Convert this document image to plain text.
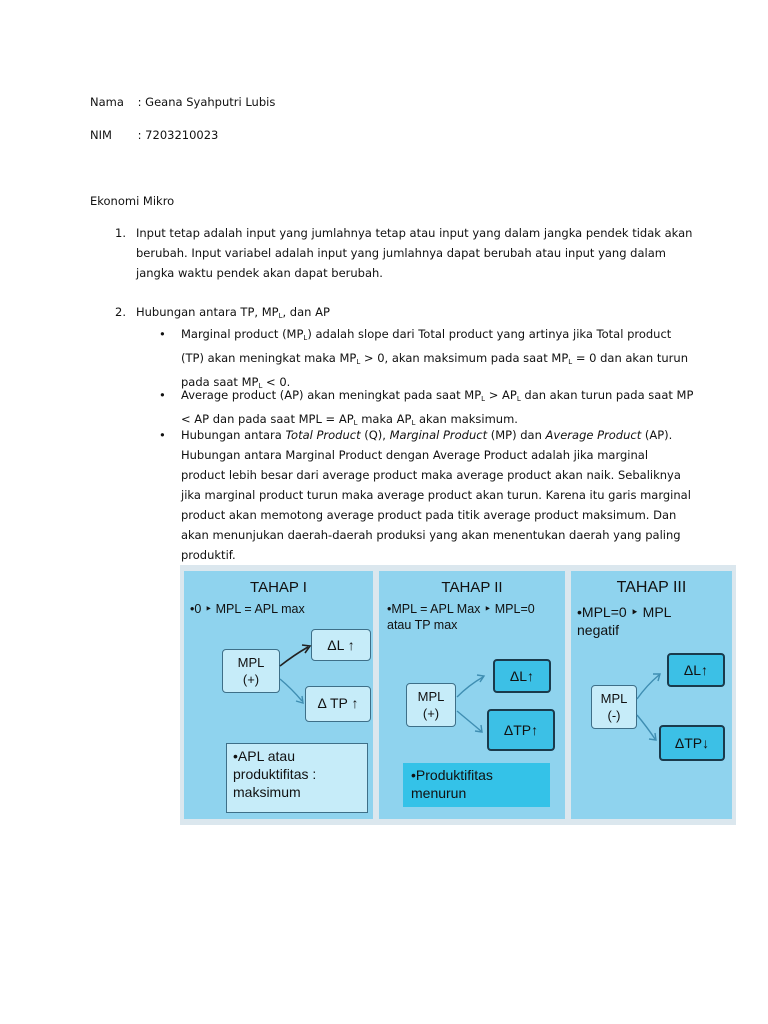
Nama : Geana Syahputri Lubis
NIM : 7203210023
Ekonomi Mikro
1. Input tetap adalah input yang jumlahnya tetap atau input yang dalam jangka pendek tidak akan
berubah. Input variabel adalah input yang jumlahnya dapat berubah atau input yang dalam
jangka waktu pendek akan dapat berubah.
2. Hubungan antara TP, $MP_L$, dan AP
• Marginal product $(MP_L)$ adalah slope dari Total product yang artinya jika Total product
(TP) akan meningkat maka $MP_L > 0$, akan maksimum pada saat $MP_L = 0$ dan akan turun
pada saat $MP_L < 0$.
• Average product (AP) akan meningkat pada saat $MP_L > AP_L$ dan akan turun pada saat MP
< AP dan pada saat MPL = $AP_L$ maka $AP_L$ akan maksimum.
• Hubungan antara Total Product (Q), Marginal Product (MP) dan Average Product (AP).
Hubungan antara Marginal Product dengan Average Product adalah jika marginal
product lebih besar dari average product maka average product akan naik. Sebaliknya
jika marginal product turun maka average product akan turun. Karena itu garis marginal
product akan memotong average product pada titik average product maksimum. Dan
akan menunjukan daerah-daerah produksi yang akan menentukan daerah yang paling
produktif.
TAHAP I
•0 ‣ MPL = APL max
MPL
(+)
ΔL ↑
Δ TP ↑
•APL atau
produktifitas :
maksimum
TAHAP II
•MPL = APL Max ‣ MPL=0
atau TP max
MPL
(+)
ΔL↑
ΔTP↑
•Produktifitas
menurun
TAHAP III
•MPL=0 ‣ MPL
negatif
MPL
(-)
ΔL↑
ΔTP↓
